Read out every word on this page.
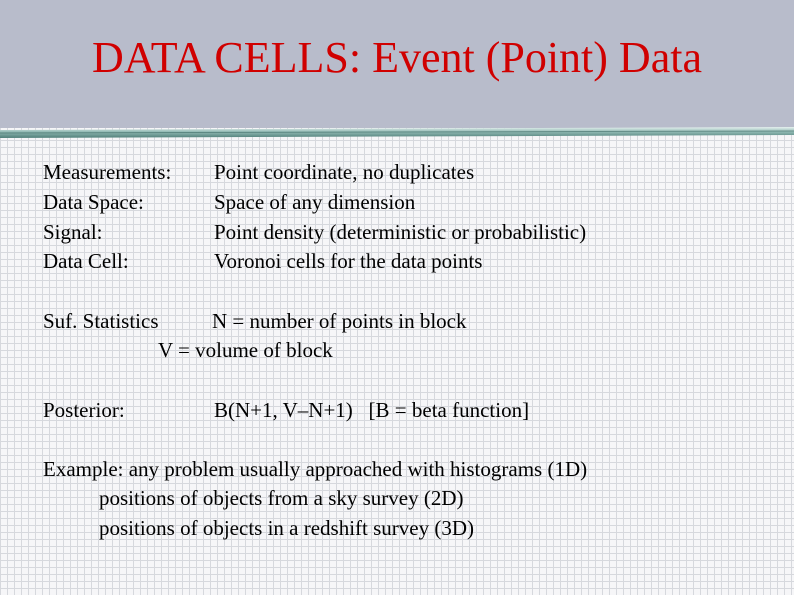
DATA CELLS: Event (Point) Data
Measurements: Point coordinate, no duplicates
Data Space:	Space of any dimension
Signal:	Point density (deterministic or probabilistic)
Data Cell:	Voronoi cells for the data points
Suf. Statistics	N = number of points in block
V = volume of block
Posterior:	B(N+1, V–N+1)   [B = beta function]
Example: any problem usually approached with histograms (1D)
positions of objects from a sky survey (2D)
positions of objects in a redshift survey (3D)
